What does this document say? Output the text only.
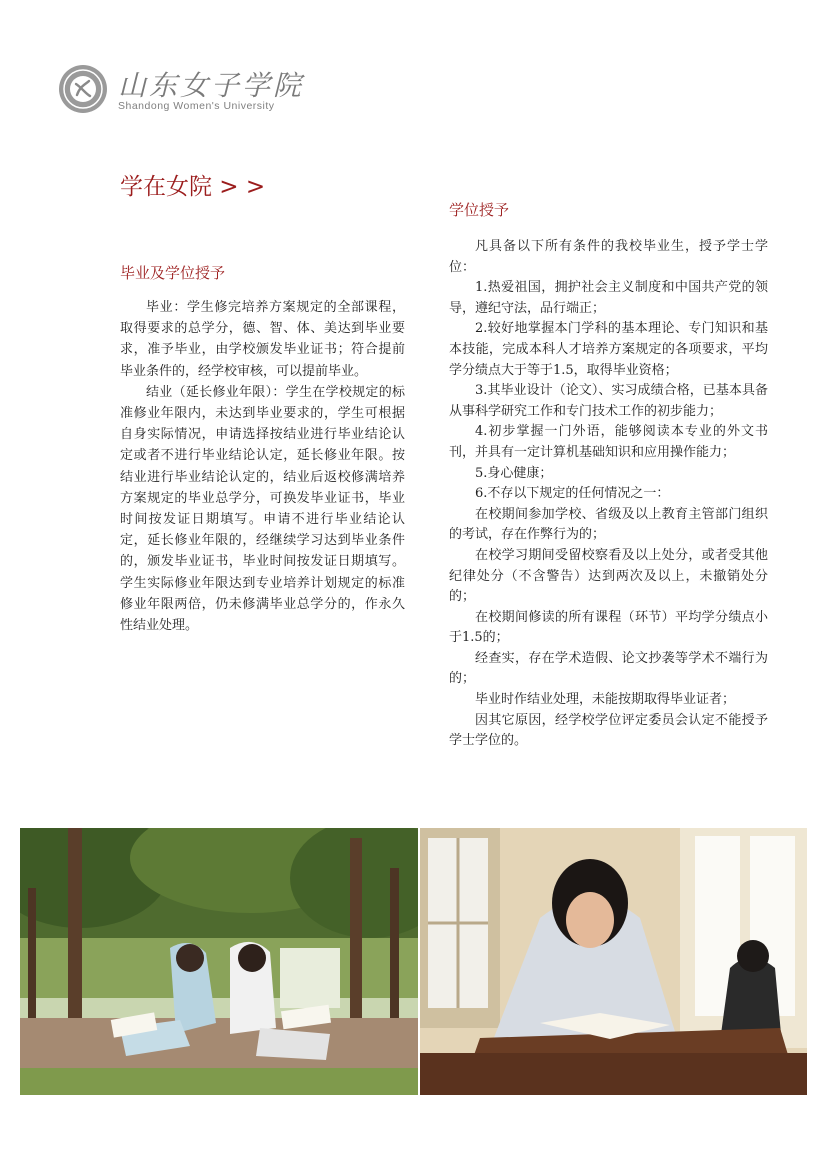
山东女子学院
Shandong Women's University
学在女院 > >
毕业及学位授予
学位授予

毕业：学生修完培养方案规定的全部课程，取得要求的总学分，德、智、体、美达到毕业要求，准予毕业，由学校颁发毕业证书；符合提前毕业条件的，经学校审核，可以提前毕业。

结业（延长修业年限）：学生在学校规定的标准修业年限内，未达到毕业要求的，学生可根据自身实际情况，申请选择按结业进行毕业结论认定或者不进行毕业结论认定，延长修业年限。按结业进行毕业结论认定的，结业后返校修满培养方案规定的毕业总学分，可换发毕业证书，毕业时间按发证日期填写。申请不进行毕业结论认定，延长修业年限的，经继续学习达到毕业条件的，颁发毕业证书，毕业时间按发证日期填写。学生实际修业年限达到专业培养计划规定的标准修业年限两倍，仍未修满毕业总学分的，作永久性结业处理。

凡具备以下所有条件的我校毕业生，授予学士学位：

1.热爱祖国，拥护社会主义制度和中国共产党的领导，遵纪守法，品行端正；

2.较好地掌握本门学科的基本理论、专门知识和基本技能，完成本科人才培养方案规定的各项要求，平均学分绩点大于等于1.5，取得毕业资格；

3.其毕业设计（论文）、实习成绩合格，已基本具备从事科学研究工作和专门技术工作的初步能力；

4.初步掌握一门外语，能够阅读本专业的外文书刊，并具有一定计算机基础知识和应用操作能力；

5.身心健康；

6.不存以下规定的任何情况之一：

在校期间参加学校、省级及以上教育主管部门组织的考试，存在作弊行为的；

在校学习期间受留校察看及以上处分，或者受其他纪律处分（不含警告）达到两次及以上，未撤销处分的；

在校期间修读的所有课程（环节）平均学分绩点小于1.5的；

经查实，存在学术造假、论文抄袭等学术不端行为的；

毕业时作结业处理，未能按期取得毕业证者；

因其它原因，经学校学位评定委员会认定不能授予学士学位的。
